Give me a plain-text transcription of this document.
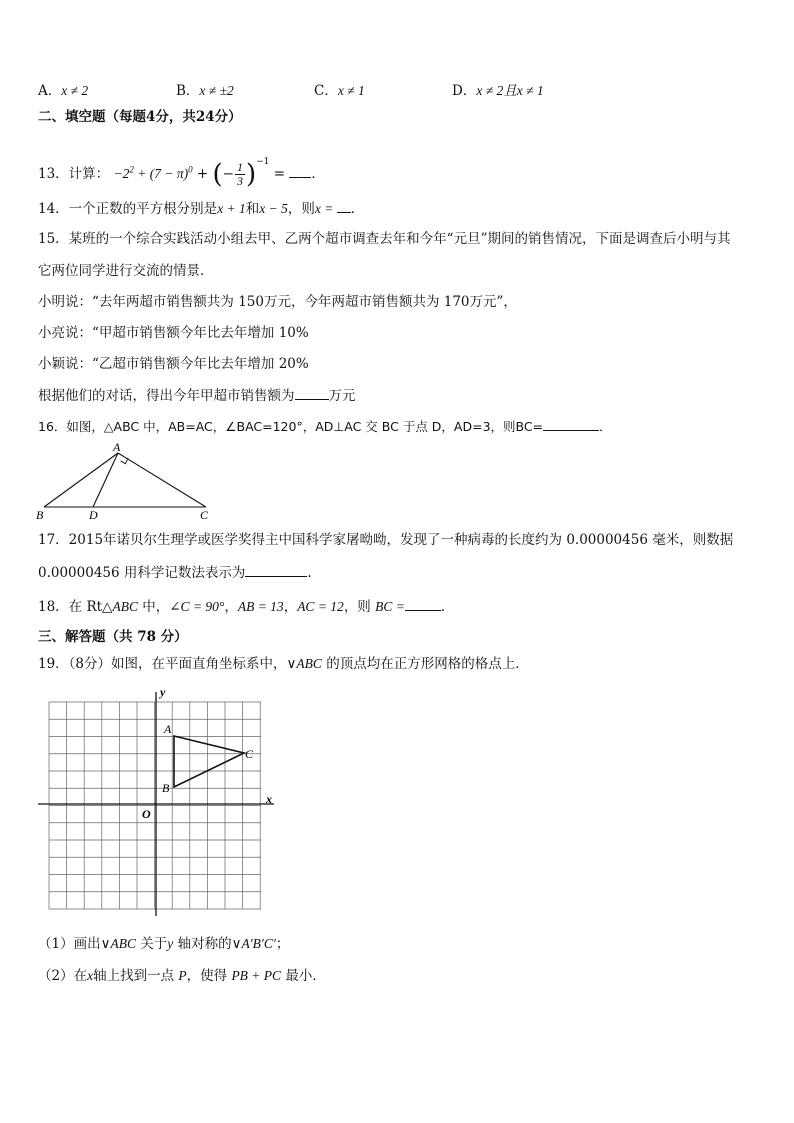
A．x ≠ 2	B．x ≠ ±2	C．x ≠ 1	D．x ≠ 2且x ≠ 1
二、填空题（每题4分，共24分）
13．计算： $-2^2 + (7 - \pi)^0$ + (− $\frac{1}{3} )^{-1}$ = ．
14．一个正数的平方根分别是x + 1和x − 5，则x = ．
15．某班的一个综合实践活动小组去甲、乙两个超市调查去年和今年“元旦”期间的销售情况，下面是调查后小明与其
它两位同学进行交流的情景．
小明说：“去年两超市销售额共为 150万元，今年两超市销售额共为 170万元”，
小亮说：“甲超市销售额今年比去年增加 10%
小颖说：“乙超市销售额今年比去年增加 20%
根据他们的对话，得出今年甲超市销售额为	万元
16．如图，△ABC 中，AB=AC，∠BAC=120°，AD⊥AC 交 BC 于点 D，AD=3，则BC=	．
A
B	D	C
17．2015年诺贝尔生理学或医学奖得主中国科学家屠呦呦，发现了一种病毒的长度约为 0.00000456 毫米，则数据
0.00000456 用科学记数法表示为	.
18．在 Rt△ABC 中，∠C = 90°，AB = 13，AC = 12，则 BC =	．
三、解答题（共 78 分）
19．（8分）如图，在平面直角坐标系中，∨ABC 的顶点均在正方形网格的格点上．
y
x
O
A
B
C
（1）画出∨ABC 关于y 轴对称的∨A′B′C′；
（2）在x轴上找到一点 P，使得 PB + PC 最小．
